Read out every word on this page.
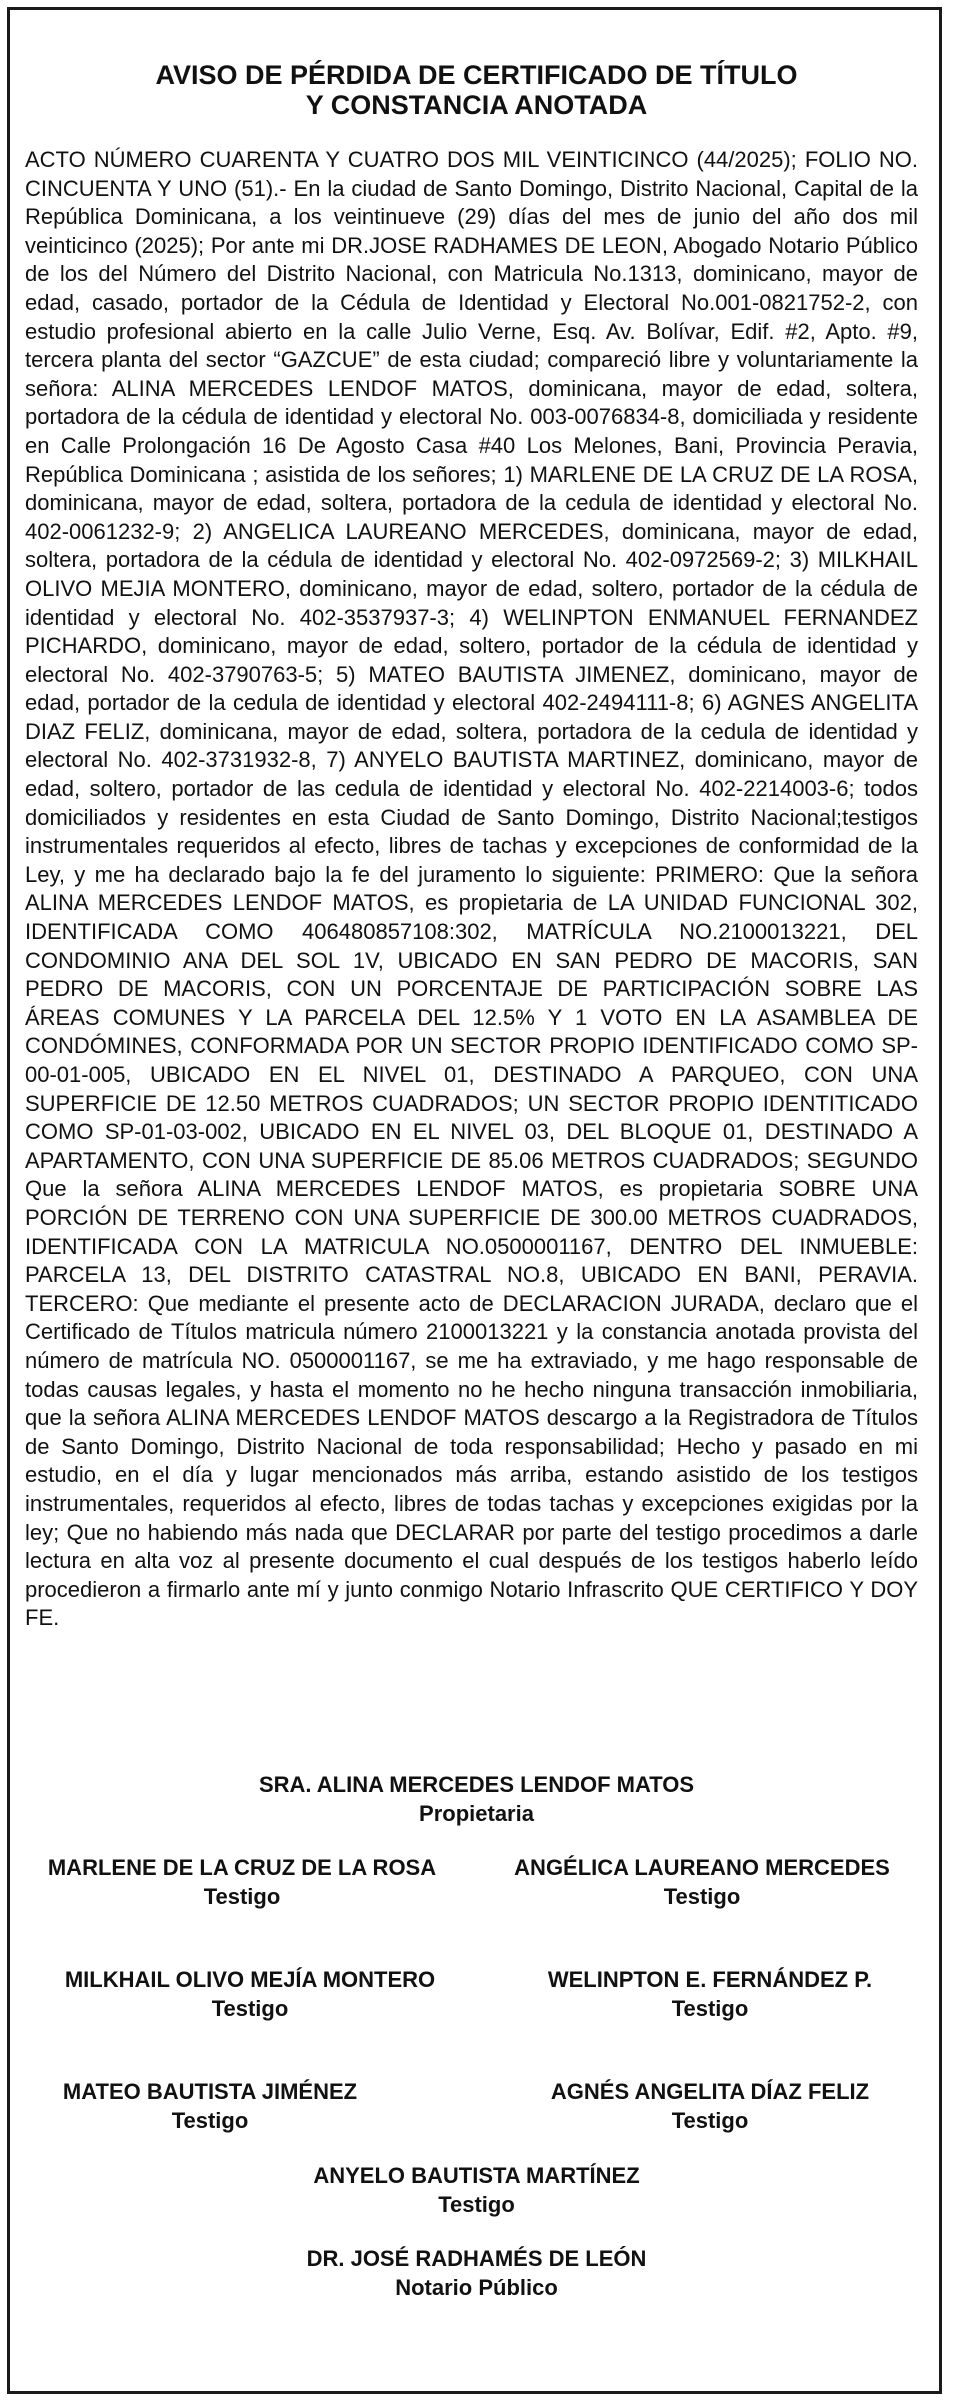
AVISO DE PÉRDIDA DE CERTIFICADO DE TÍTULO
Y CONSTANCIA ANOTADA
ACTO NÚMERO CUARENTA Y CUATRO DOS MIL VEINTICINCO (44/2025); FOLIO NO. CINCUENTA Y UNO (51).- En la ciudad de Santo Domingo, Distrito Nacional, Capital de la República Dominicana, a los veintinueve (29) días del mes de junio del año dos mil veinticinco (2025); Por ante mi DR.JOSE RADHAMES DE LEON, Abogado Notario Público de los del Número del Distrito Nacional, con Matricula No.1313, dominicano, mayor de edad, casado, portador de la Cédula de Identidad y Electoral No.001-0821752-2, con estudio profesional abierto en la calle Julio Verne, Esq. Av. Bolívar, Edif. #2, Apto. #9, tercera planta del sector “GAZCUE” de esta ciudad; compareció libre y voluntariamente la señora: ALINA MERCEDES LENDOF MATOS, dominicana, mayor de edad, soltera, portadora de la cédula de identidad y electoral No. 003-0076834-8, domiciliada y residente en Calle Prolongación 16 De Agosto Casa #40 Los Melones, Bani, Provincia Peravia, República Dominicana ; asistida de los señores; 1) MARLENE DE LA CRUZ DE LA ROSA, dominicana, mayor de edad, soltera, portadora de la cedula de identidad y electoral No. 402-0061232-9; 2) ANGELICA LAUREANO MERCEDES, dominicana, mayor de edad, soltera, portadora de la cédula de identidad y electoral No. 402-0972569-2; 3) MILKHAIL OLIVO MEJIA MONTERO, dominicano, mayor de edad, soltero, portador de la cédula de identidad y electoral No. 402-3537937-3; 4) WELINPTON ENMANUEL FERNANDEZ PICHARDO, dominicano, mayor de edad, soltero, portador de la cédula de identidad y electoral No. 402-3790763-5; 5) MATEO BAUTISTA JIMENEZ, dominicano, mayor de edad, portador de la cedula de identidad y electoral 402-2494111-8; 6) AGNES ANGELITA DIAZ FELIZ, dominicana, mayor de edad, soltera, portadora de la cedula de identidad y electoral No. 402-3731932-8, 7) ANYELO BAUTISTA MARTINEZ, dominicano, mayor de edad, soltero, portador de las cedula de identidad y electoral No. 402-2214003-6; todos domiciliados y residentes en esta Ciudad de Santo Domingo, Distrito Nacional;testigos instrumentales requeridos al efecto, libres de tachas y excepciones de conformidad de la Ley, y me ha declarado bajo la fe del juramento lo siguiente: PRIMERO: Que la señora ALINA MERCEDES LENDOF MATOS, es propietaria de LA UNIDAD FUNCIONAL 302, IDENTIFICADA COMO 406480857108:302, MATRÍCULA NO.2100013221, DEL CONDOMINIO ANA DEL SOL 1V, UBICADO EN SAN PEDRO DE MACORIS, SAN PEDRO DE MACORIS, CON UN PORCENTAJE DE PARTICIPACIÓN SOBRE LAS ÁREAS COMUNES Y LA PARCELA DEL 12.5% Y 1 VOTO EN LA ASAMBLEA DE CONDÓMINES, CONFORMADA POR UN SECTOR PROPIO IDENTIFICADO COMO SP-00-01-005, UBICADO EN EL NIVEL 01, DESTINADO A PARQUEO, CON UNA SUPERFICIE DE 12.50 METROS CUADRADOS; UN SECTOR PROPIO IDENTITICADO COMO SP-01-03-002, UBICADO EN EL NIVEL 03, DEL BLOQUE 01, DESTINADO A APARTAMENTO, CON UNA SUPERFICIE DE 85.06 METROS CUADRADOS; SEGUNDO Que la señora ALINA MERCEDES LENDOF MATOS, es propietaria SOBRE UNA PORCIÓN DE TERRENO CON UNA SUPERFICIE DE 300.00 METROS CUADRADOS, IDENTIFICADA CON LA MATRICULA NO.0500001167, DENTRO DEL INMUEBLE: PARCELA 13, DEL DISTRITO CATASTRAL NO.8, UBICADO EN BANI, PERAVIA. TERCERO: Que mediante el presente acto de DECLARACION JURADA, declaro que el Certificado de Títulos matricula número 2100013221 y la constancia anotada provista del número de matrícula NO. 0500001167, se me ha extraviado, y me hago responsable de todas causas legales, y hasta el momento no he hecho ninguna transacción inmobiliaria, que la señora ALINA MERCEDES LENDOF MATOS descargo a la Registradora de Títulos de Santo Domingo, Distrito Nacional de toda responsabilidad; Hecho y pasado en mi estudio, en el día y lugar mencionados más arriba, estando asistido de los testigos instrumentales, requeridos al efecto, libres de todas tachas y excepciones exigidas por la ley; Que no habiendo más nada que DECLARAR por parte del testigo procedimos a darle lectura en alta voz al presente documento el cual después de los testigos haberlo leído procedieron a firmarlo ante mí y junto conmigo Notario Infrascrito QUE CERTIFICO Y DOY FE.
SRA. ALINA MERCEDES LENDOF MATOS
Propietaria
MARLENE DE LA CRUZ DE LA ROSA
Testigo
ANGÉLICA LAUREANO MERCEDES
Testigo
MILKHAIL OLIVO MEJÍA MONTERO
Testigo
WELINPTON E. FERNÁNDEZ P.
Testigo
MATEO BAUTISTA JIMÉNEZ
Testigo
AGNÉS ANGELITA DÍAZ FELIZ
Testigo
ANYELO BAUTISTA MARTÍNEZ
Testigo
DR. JOSÉ RADHAMÉS DE LEÓN
Notario Público
